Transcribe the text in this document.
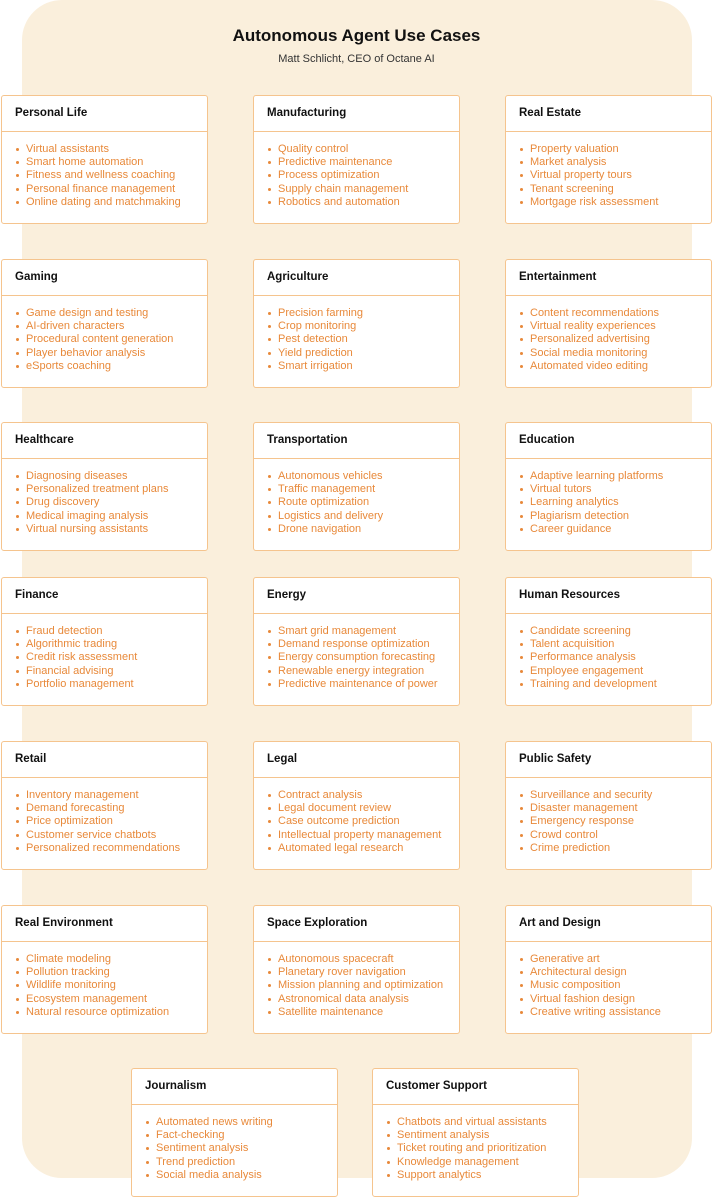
Autonomous Agent Use Cases
Matt Schlicht, CEO of Octane AI
Personal Life
Virtual assistants
Smart home automation
Fitness and wellness coaching
Personal finance management
Online dating and matchmaking
Manufacturing
Quality control
Predictive maintenance
Process optimization
Supply chain management
Robotics and automation
Real Estate
Property valuation
Market analysis
Virtual property tours
Tenant screening
Mortgage risk assessment
Gaming
Game design and testing
AI-driven characters
Procedural content generation
Player behavior analysis
eSports coaching
Agriculture
Precision farming
Crop monitoring
Pest detection
Yield prediction
Smart irrigation
Entertainment
Content recommendations
Virtual reality experiences
Personalized advertising
Social media monitoring
Automated video editing
Healthcare
Diagnosing diseases
Personalized treatment plans
Drug discovery
Medical imaging analysis
Virtual nursing assistants
Transportation
Autonomous vehicles
Traffic management
Route optimization
Logistics and delivery
Drone navigation
Education
Adaptive learning platforms
Virtual tutors
Learning analytics
Plagiarism detection
Career guidance
Finance
Fraud detection
Algorithmic trading
Credit risk assessment
Financial advising
Portfolio management
Energy
Smart grid management
Demand response optimization
Energy consumption forecasting
Renewable energy integration
Predictive maintenance of power
Human Resources
Candidate screening
Talent acquisition
Performance analysis
Employee engagement
Training and development
Retail
Inventory management
Demand forecasting
Price optimization
Customer service chatbots
Personalized recommendations
Legal
Contract analysis
Legal document review
Case outcome prediction
Intellectual property management
Automated legal research
Public Safety
Surveillance and security
Disaster management
Emergency response
Crowd control
Crime prediction
Real Environment
Climate modeling
Pollution tracking
Wildlife monitoring
Ecosystem management
Natural resource optimization
Space Exploration
Autonomous spacecraft
Planetary rover navigation
Mission planning and optimization
Astronomical data analysis
Satellite maintenance
Art and Design
Generative art
Architectural design
Music composition
Virtual fashion design
Creative writing assistance
Journalism
Automated news writing
Fact-checking
Sentiment analysis
Trend prediction
Social media analysis
Customer Support
Chatbots and virtual assistants
Sentiment analysis
Ticket routing and prioritization
Knowledge management
Support analytics
